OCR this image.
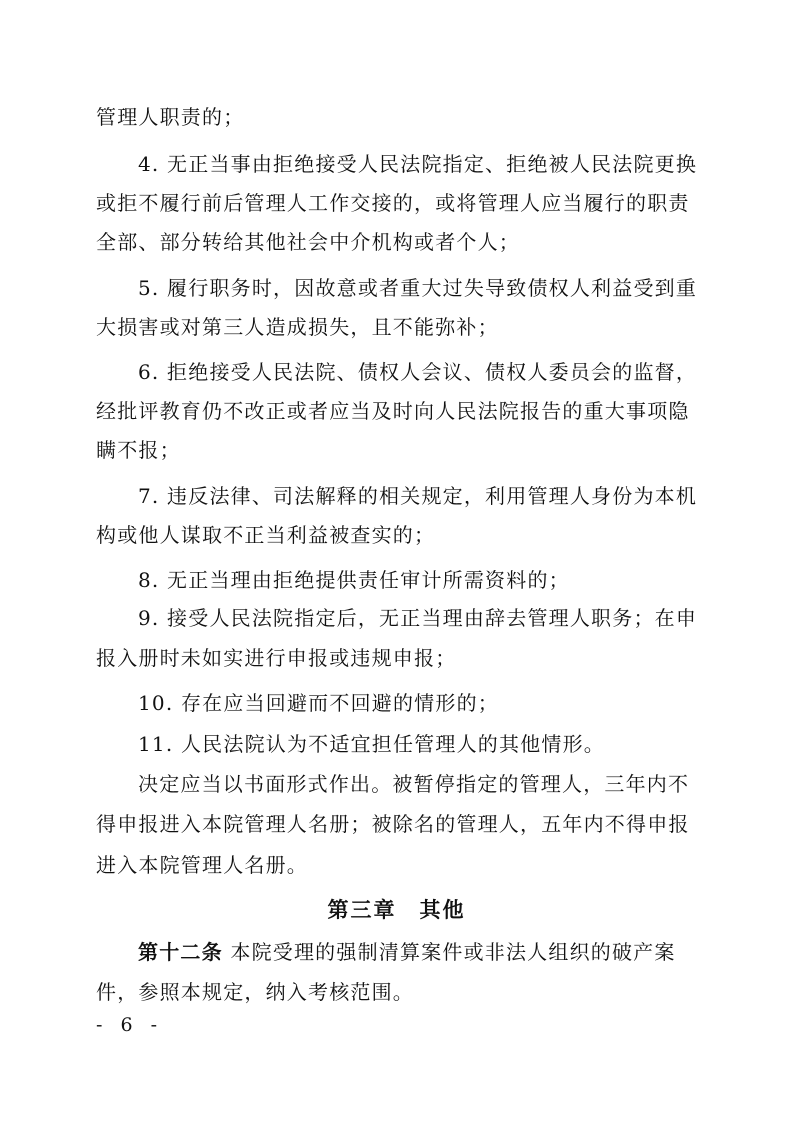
管理人职责的；
4. 无正当事由拒绝接受人民法院指定、拒绝被人民法院更换
或拒不履行前后管理人工作交接的，或将管理人应当履行的职责
全部、部分转给其他社会中介机构或者个人；
5. 履行职务时，因故意或者重大过失导致债权人利益受到重
大损害或对第三人造成损失，且不能弥补；
6. 拒绝接受人民法院、债权人会议、债权人委员会的监督，
经批评教育仍不改正或者应当及时向人民法院报告的重大事项隐
瞒不报；
7. 违反法律、司法解释的相关规定，利用管理人身份为本机
构或他人谋取不正当利益被查实的；
8. 无正当理由拒绝提供责任审计所需资料的；
9. 接受人民法院指定后，无正当理由辞去管理人职务；在申
报入册时未如实进行申报或违规申报；
10. 存在应当回避而不回避的情形的；
11. 人民法院认为不适宜担任管理人的其他情形。
决定应当以书面形式作出。被暂停指定的管理人，三年内不
得申报进入本院管理人名册；被除名的管理人，五年内不得申报
进入本院管理人名册。
第三章　其他
第十二条 本院受理的强制清算案件或非法人组织的破产案
件，参照本规定，纳入考核范围。
- 6 -
